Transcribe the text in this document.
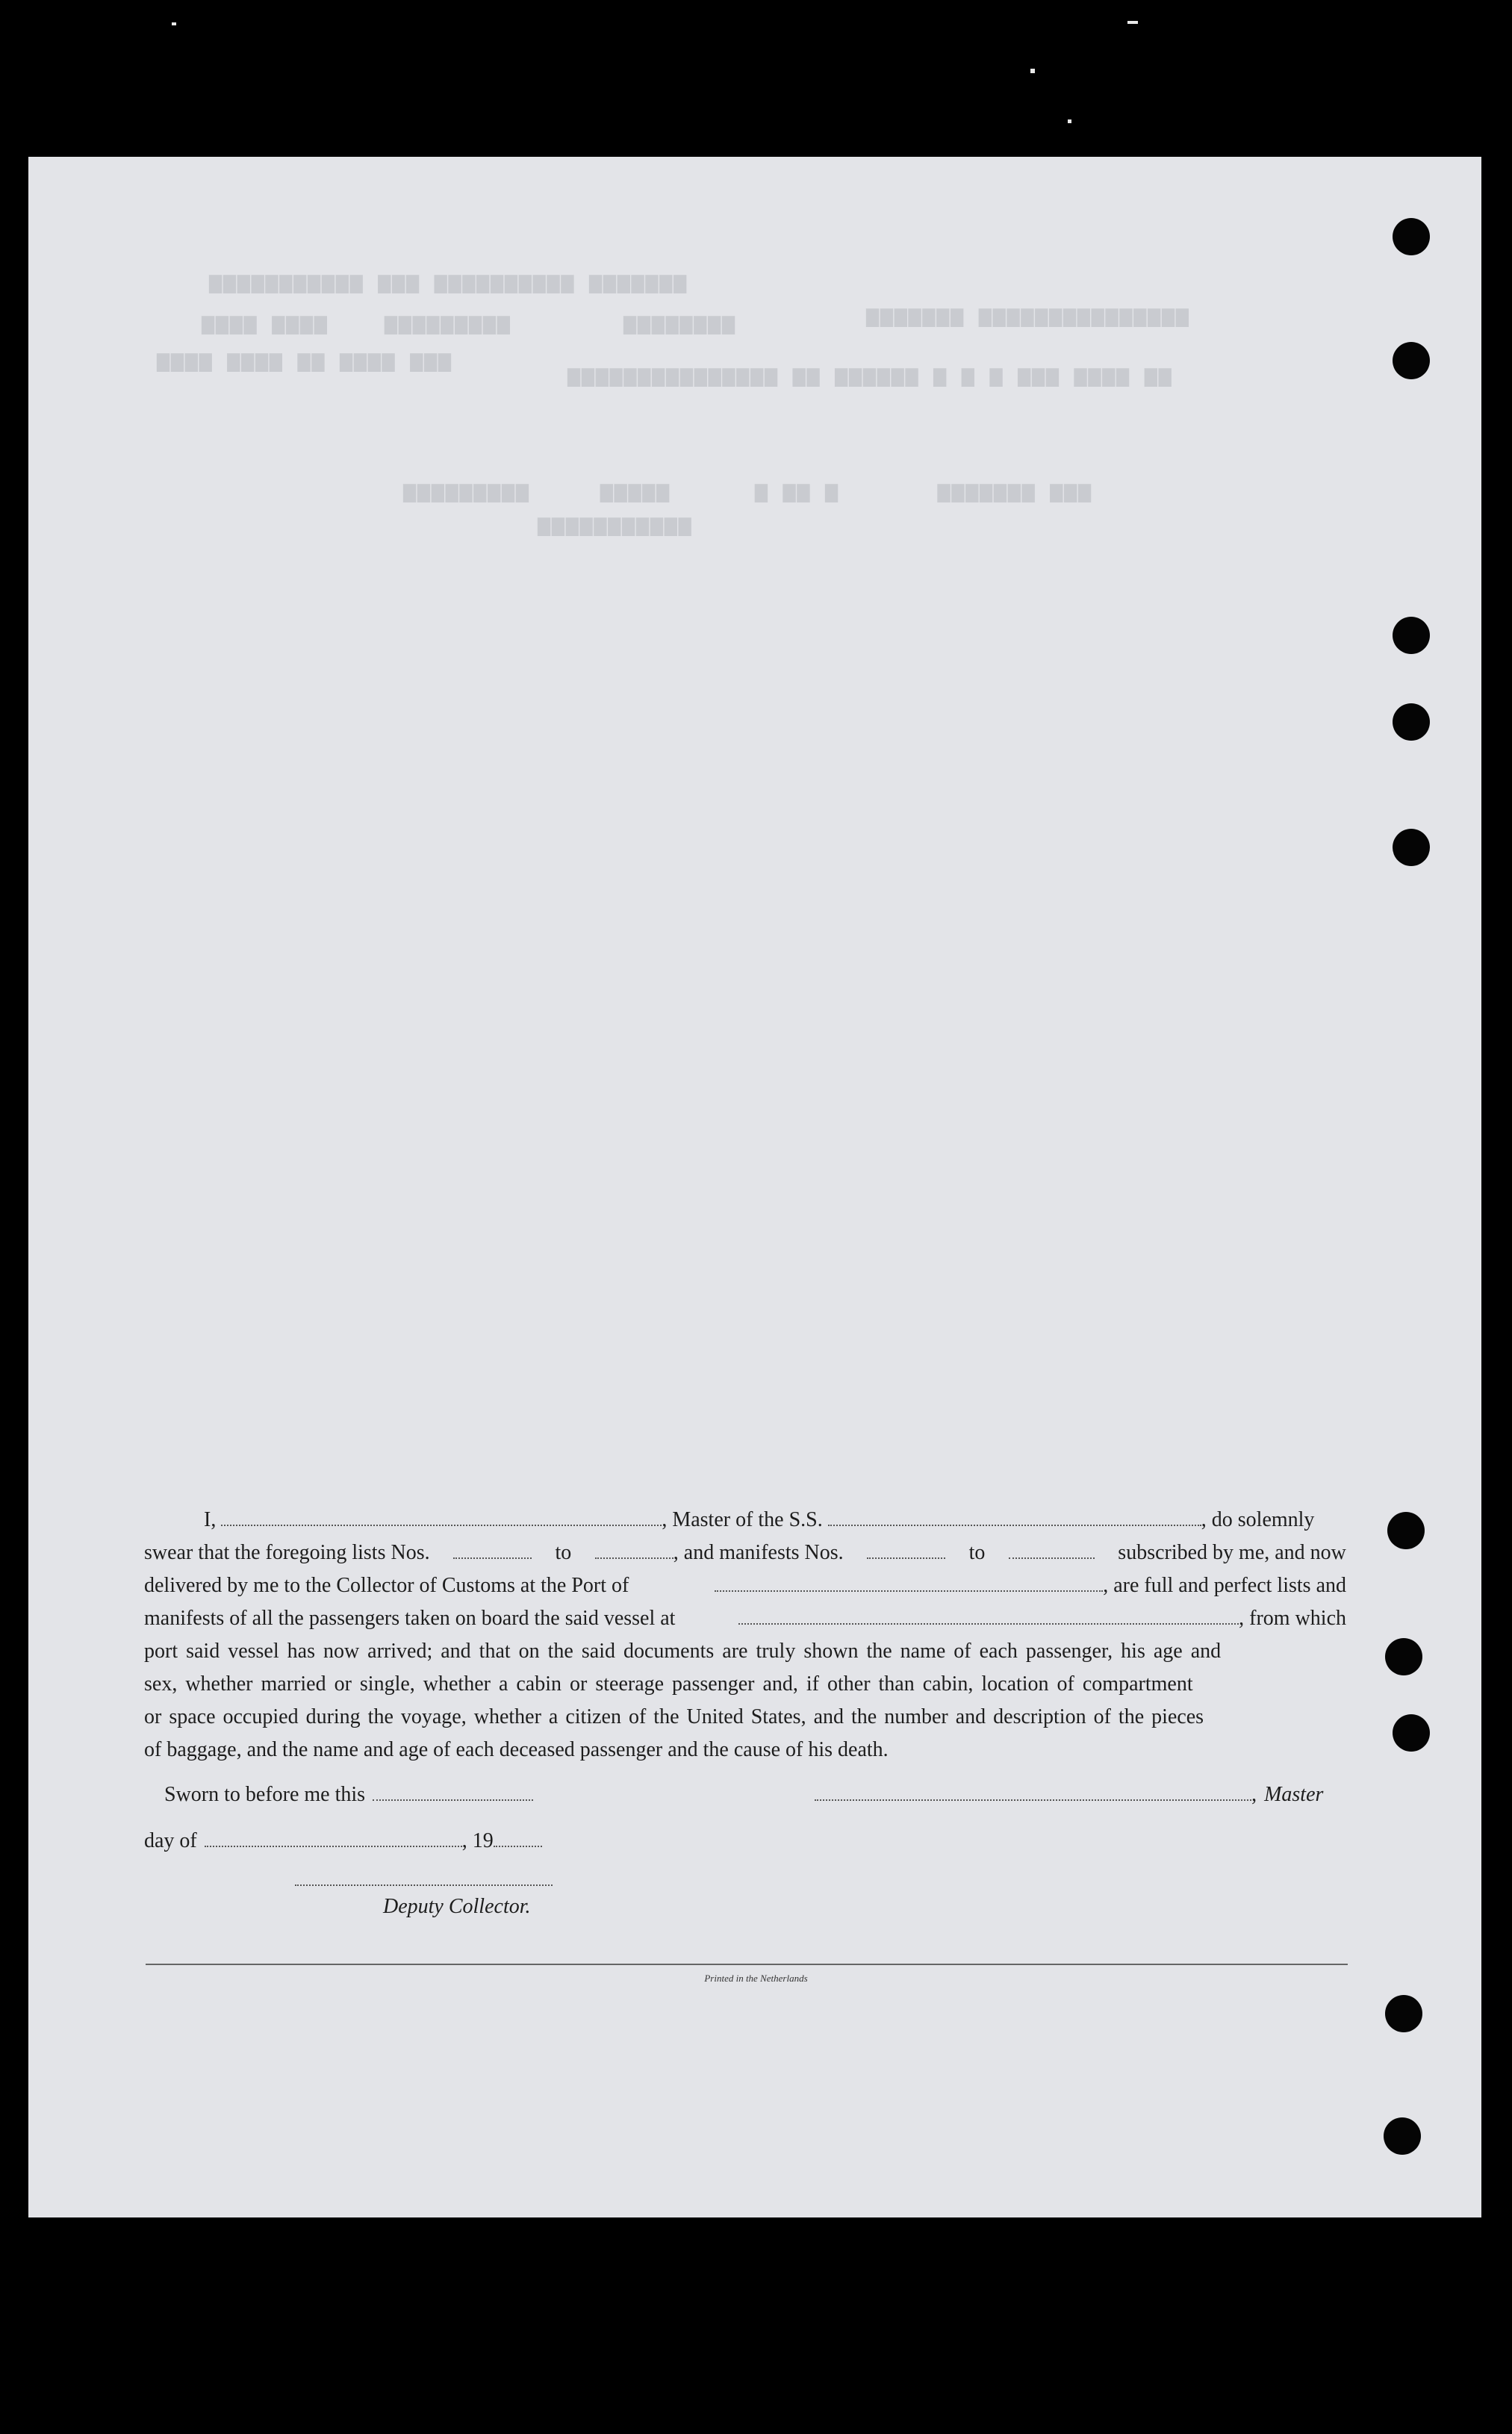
▆▆▆▆▆▆▆ ▆▆▆▆▆▆▆▆▆▆ ▆▆▆ ▆▆▆▆▆▆▆▆▆▆▆
▆▆▆▆▆▆▆▆        ▆▆▆▆▆▆▆▆▆    ▆▆▆▆ ▆▆▆▆	▆▆▆▆▆▆▆▆▆▆▆▆▆▆▆ ▆▆▆▆▆▆▆
▆▆▆ ▆▆▆▆ ▆▆ ▆▆▆▆ ▆▆▆▆
▆▆ ▆▆▆▆ ▆▆▆ ▆ ▆ ▆ ▆▆▆▆▆▆ ▆▆ ▆▆▆▆▆▆▆▆▆▆▆▆▆▆▆
▆▆▆ ▆▆▆▆▆▆▆       ▆ ▆▆ ▆      ▆▆▆▆▆     ▆▆▆▆▆▆▆▆▆
▆▆▆▆▆▆▆▆▆▆▆
I,	, Master of the S.S.	, do solemnly
swear that the foregoing lists Nos.	to	, and manifests Nos.	to	subscribed by me, and now
delivered by me to the Collector of Customs at the Port of	, are full and perfect lists and
manifests of all the passengers taken on board the said vessel at	, from which
port said vessel has now arrived; and that on the said documents are truly shown the name of each passenger, his age and
sex, whether married or single, whether a cabin or steerage passenger and, if other than cabin, location of compartment
or space occupied during the voyage, whether a citizen of the United States, and the number and description of the pieces
of baggage, and the name and age of each deceased passenger and the cause of his death.
Sworn to before me this	, Master
day of	, 19
Deputy Collector.
Printed in the Netherlands
